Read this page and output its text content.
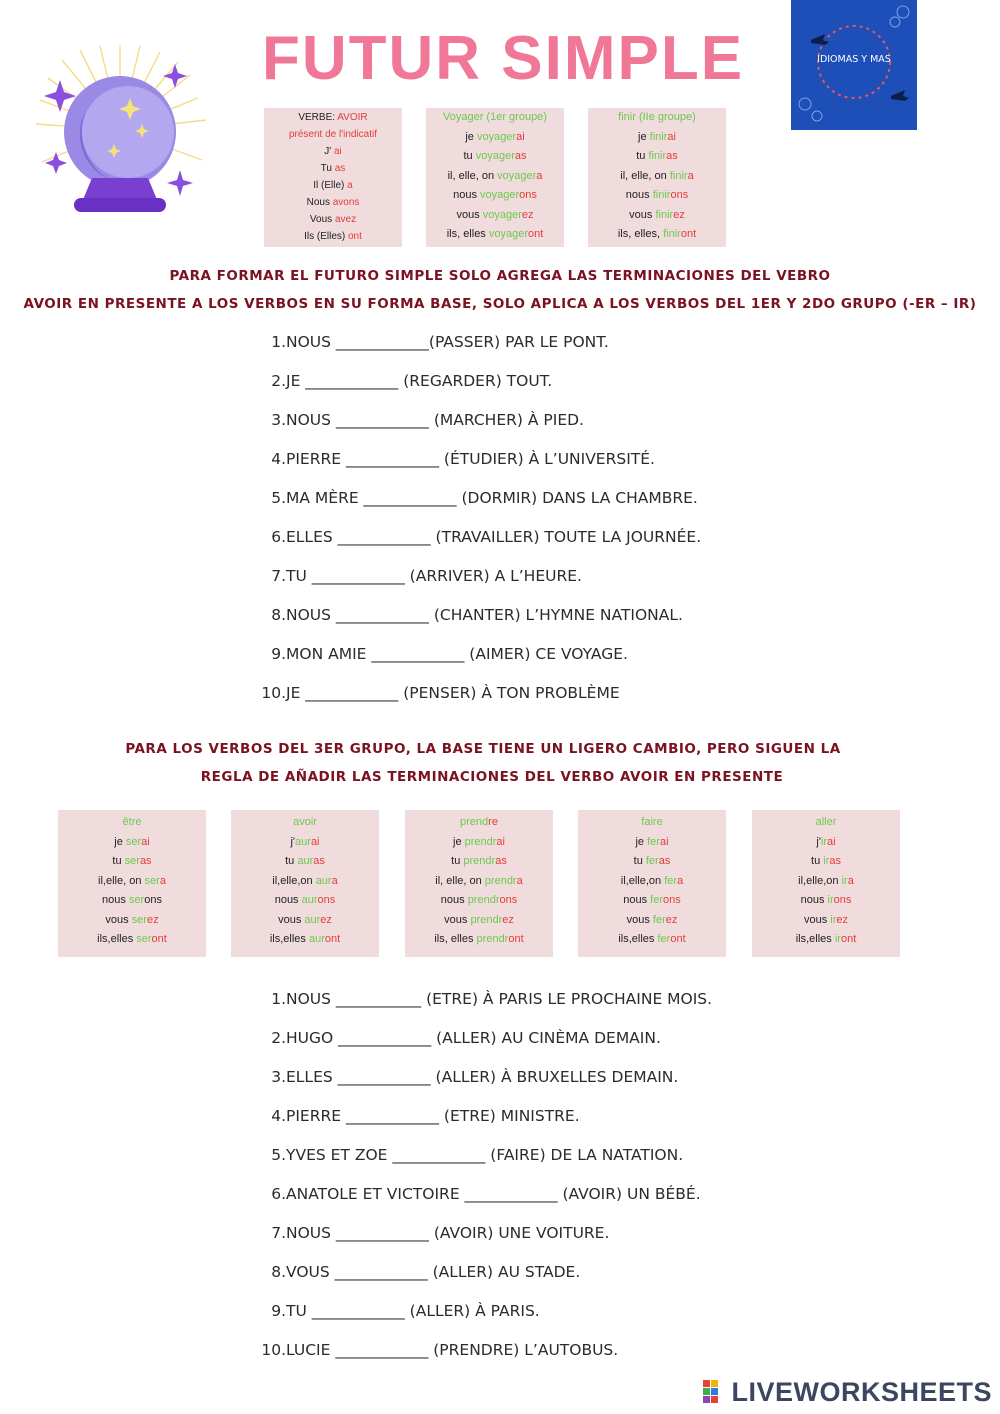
FUTUR SIMPLE	IDIOMAS Y MAS
VERBE: AVOIR
présent de l'indicatif
J' ai
Tu as
Il (Elle) a
Nous avons
Vous avez
Ils (Elles) ont
Voyager (1er groupe)
je voyagerai
tu voyageras
il, elle, on voyagera
nous voyagerons
vous voyagerez
ils, elles voyageront
finir (IIe groupe)
je finirai
tu finiras
il, elle, on finira
nous finirons
vous finirez
ils, elles, finiront
PARA FORMAR EL FUTURO SIMPLE SOLO AGREGA LAS TERMINACIONES DEL VEBRO
AVOIR EN PRESENTE A LOS VERBOS EN SU FORMA BASE, SOLO APLICA A LOS VERBOS DEL 1ER Y 2DO GRUPO (-ER – IR)
1.NOUS ____________(PASSER) PAR LE PONT.
2.JE ____________ (REGARDER) TOUT.
3.NOUS ____________ (MARCHER) À PIED.
4.PIERRE ____________ (ÉTUDIER) À L’UNIVERSITÉ.
5.MA MÈRE ____________ (DORMIR) DANS LA CHAMBRE.
6.ELLES ____________ (TRAVAILLER) TOUTE LA JOURNÉE.
7.TU ____________ (ARRIVER) A L’HEURE.
8.NOUS ____________ (CHANTER) L’HYMNE NATIONAL.
9.MON AMIE ____________ (AIMER) CE VOYAGE.
10.JE ____________ (PENSER) À TON PROBLÈME
PARA LOS VERBOS DEL 3ER GRUPO, LA BASE TIENE UN LIGERO CAMBIO, PERO SIGUEN LA
REGLA DE AÑADIR LAS TERMINACIONES DEL VERBO AVOIR EN PRESENTE
être
je serai
tu seras
il,elle, on sera
nous serons
vous serez
ils,elles seront
avoir
j'aurai
tu auras
il,elle,on aura
nous aurons
vous aurez
ils,elles auront
prendre
je prendrai
tu prendras
il, elle, on prendra
nous prendrons
vous prendrez
ils, elles prendront
faire
je ferai
tu feras
il,elle,on fera
nous ferons
vous ferez
ils,elles feront
aller
j'irai
tu iras
il,elle,on ira
nous irons
vous irez
ils,elles iront
1.NOUS ___________ (ETRE) À PARIS LE PROCHAINE MOIS.
2.HUGO ____________ (ALLER) AU CINÈMA DEMAIN.
3.ELLES ____________ (ALLER) À BRUXELLES DEMAIN.
4.PIERRE ____________ (ETRE) MINISTRE.
5.YVES ET ZOE ____________ (FAIRE) DE LA NATATION.
6.ANATOLE ET VICTOIRE ____________ (AVOIR) UN BÉBÉ.
7.NOUS ____________ (AVOIR) UNE VOITURE.
8.VOUS ____________ (ALLER) AU STADE.
9.TU ____________ (ALLER) À PARIS.
10.LUCIE ____________ (PRENDRE) L’AUTOBUS.
LIVEWORKSHEETS
